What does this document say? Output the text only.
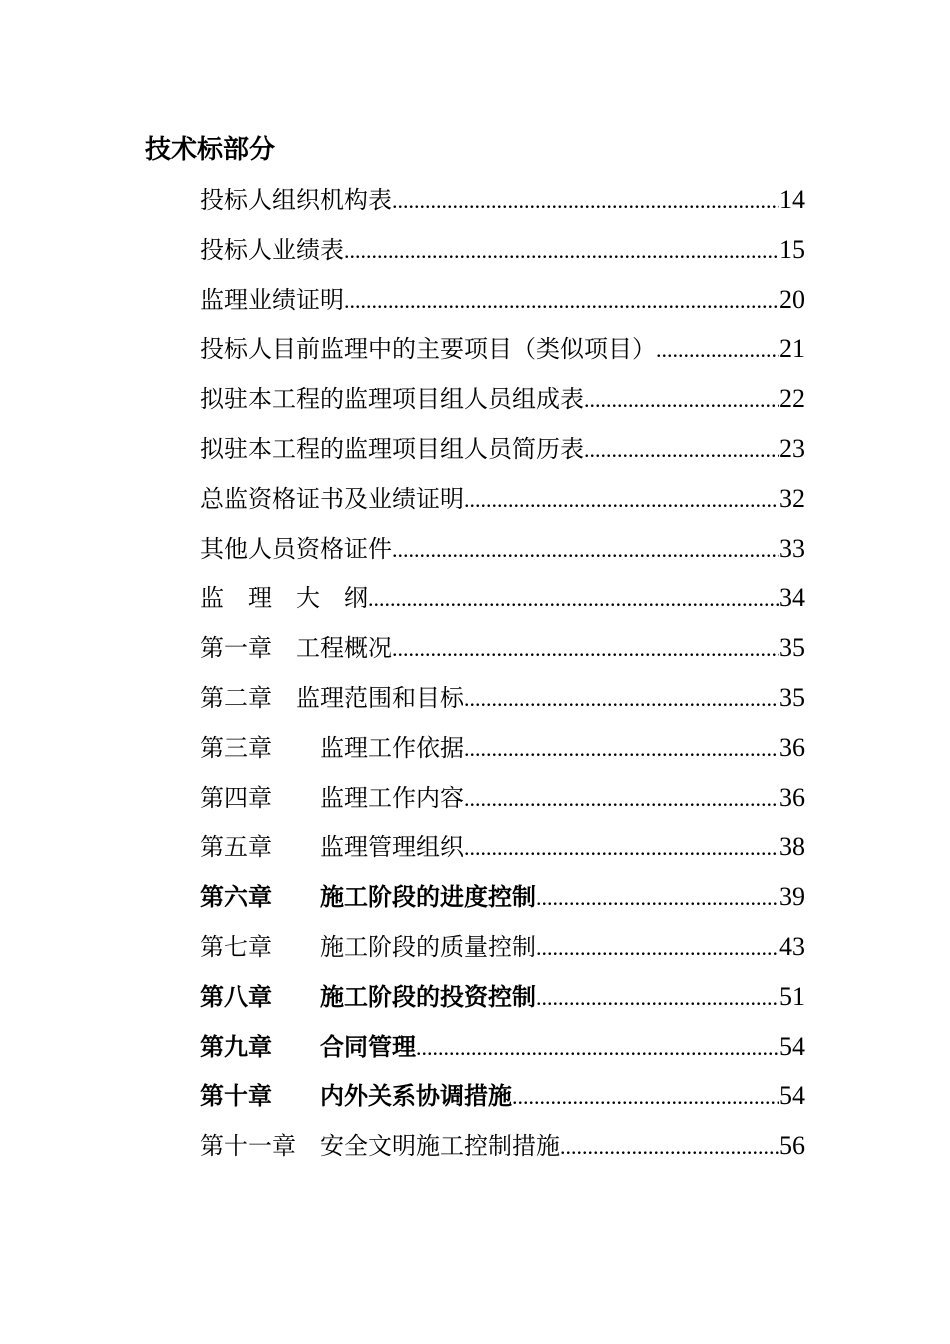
技术标部分
投标人组织机构表 .....	14
投标人业绩表 .....	15
监理业绩证明 .....	20
投标人目前监理中的主要项目（类似项目） .....	21
拟驻本工程的监理项目组人员组成表 .....	22
拟驻本工程的监理项目组人员简历表 .....	23
总监资格证书及业绩证明 .....	32
其他人员资格证件 .....	33
监　理　大　纲 .....	34
第一章　工程概况 .....	35
第二章　监理范围和目标 .....	35
第三章　　监理工作依据 .....	36
第四章　　监理工作内容 .....	36
第五章　　监理管理组织 .....	38
第六章　　施工阶段的进度控制 .....	39
第七章　　施工阶段的质量控制 .....	43
第八章　　施工阶段的投资控制 .....	51
第九章　　合同管理 .....	54
第十章　　内外关系协调措施 .....	54
第十一章　安全文明施工控制措施 .....	56
